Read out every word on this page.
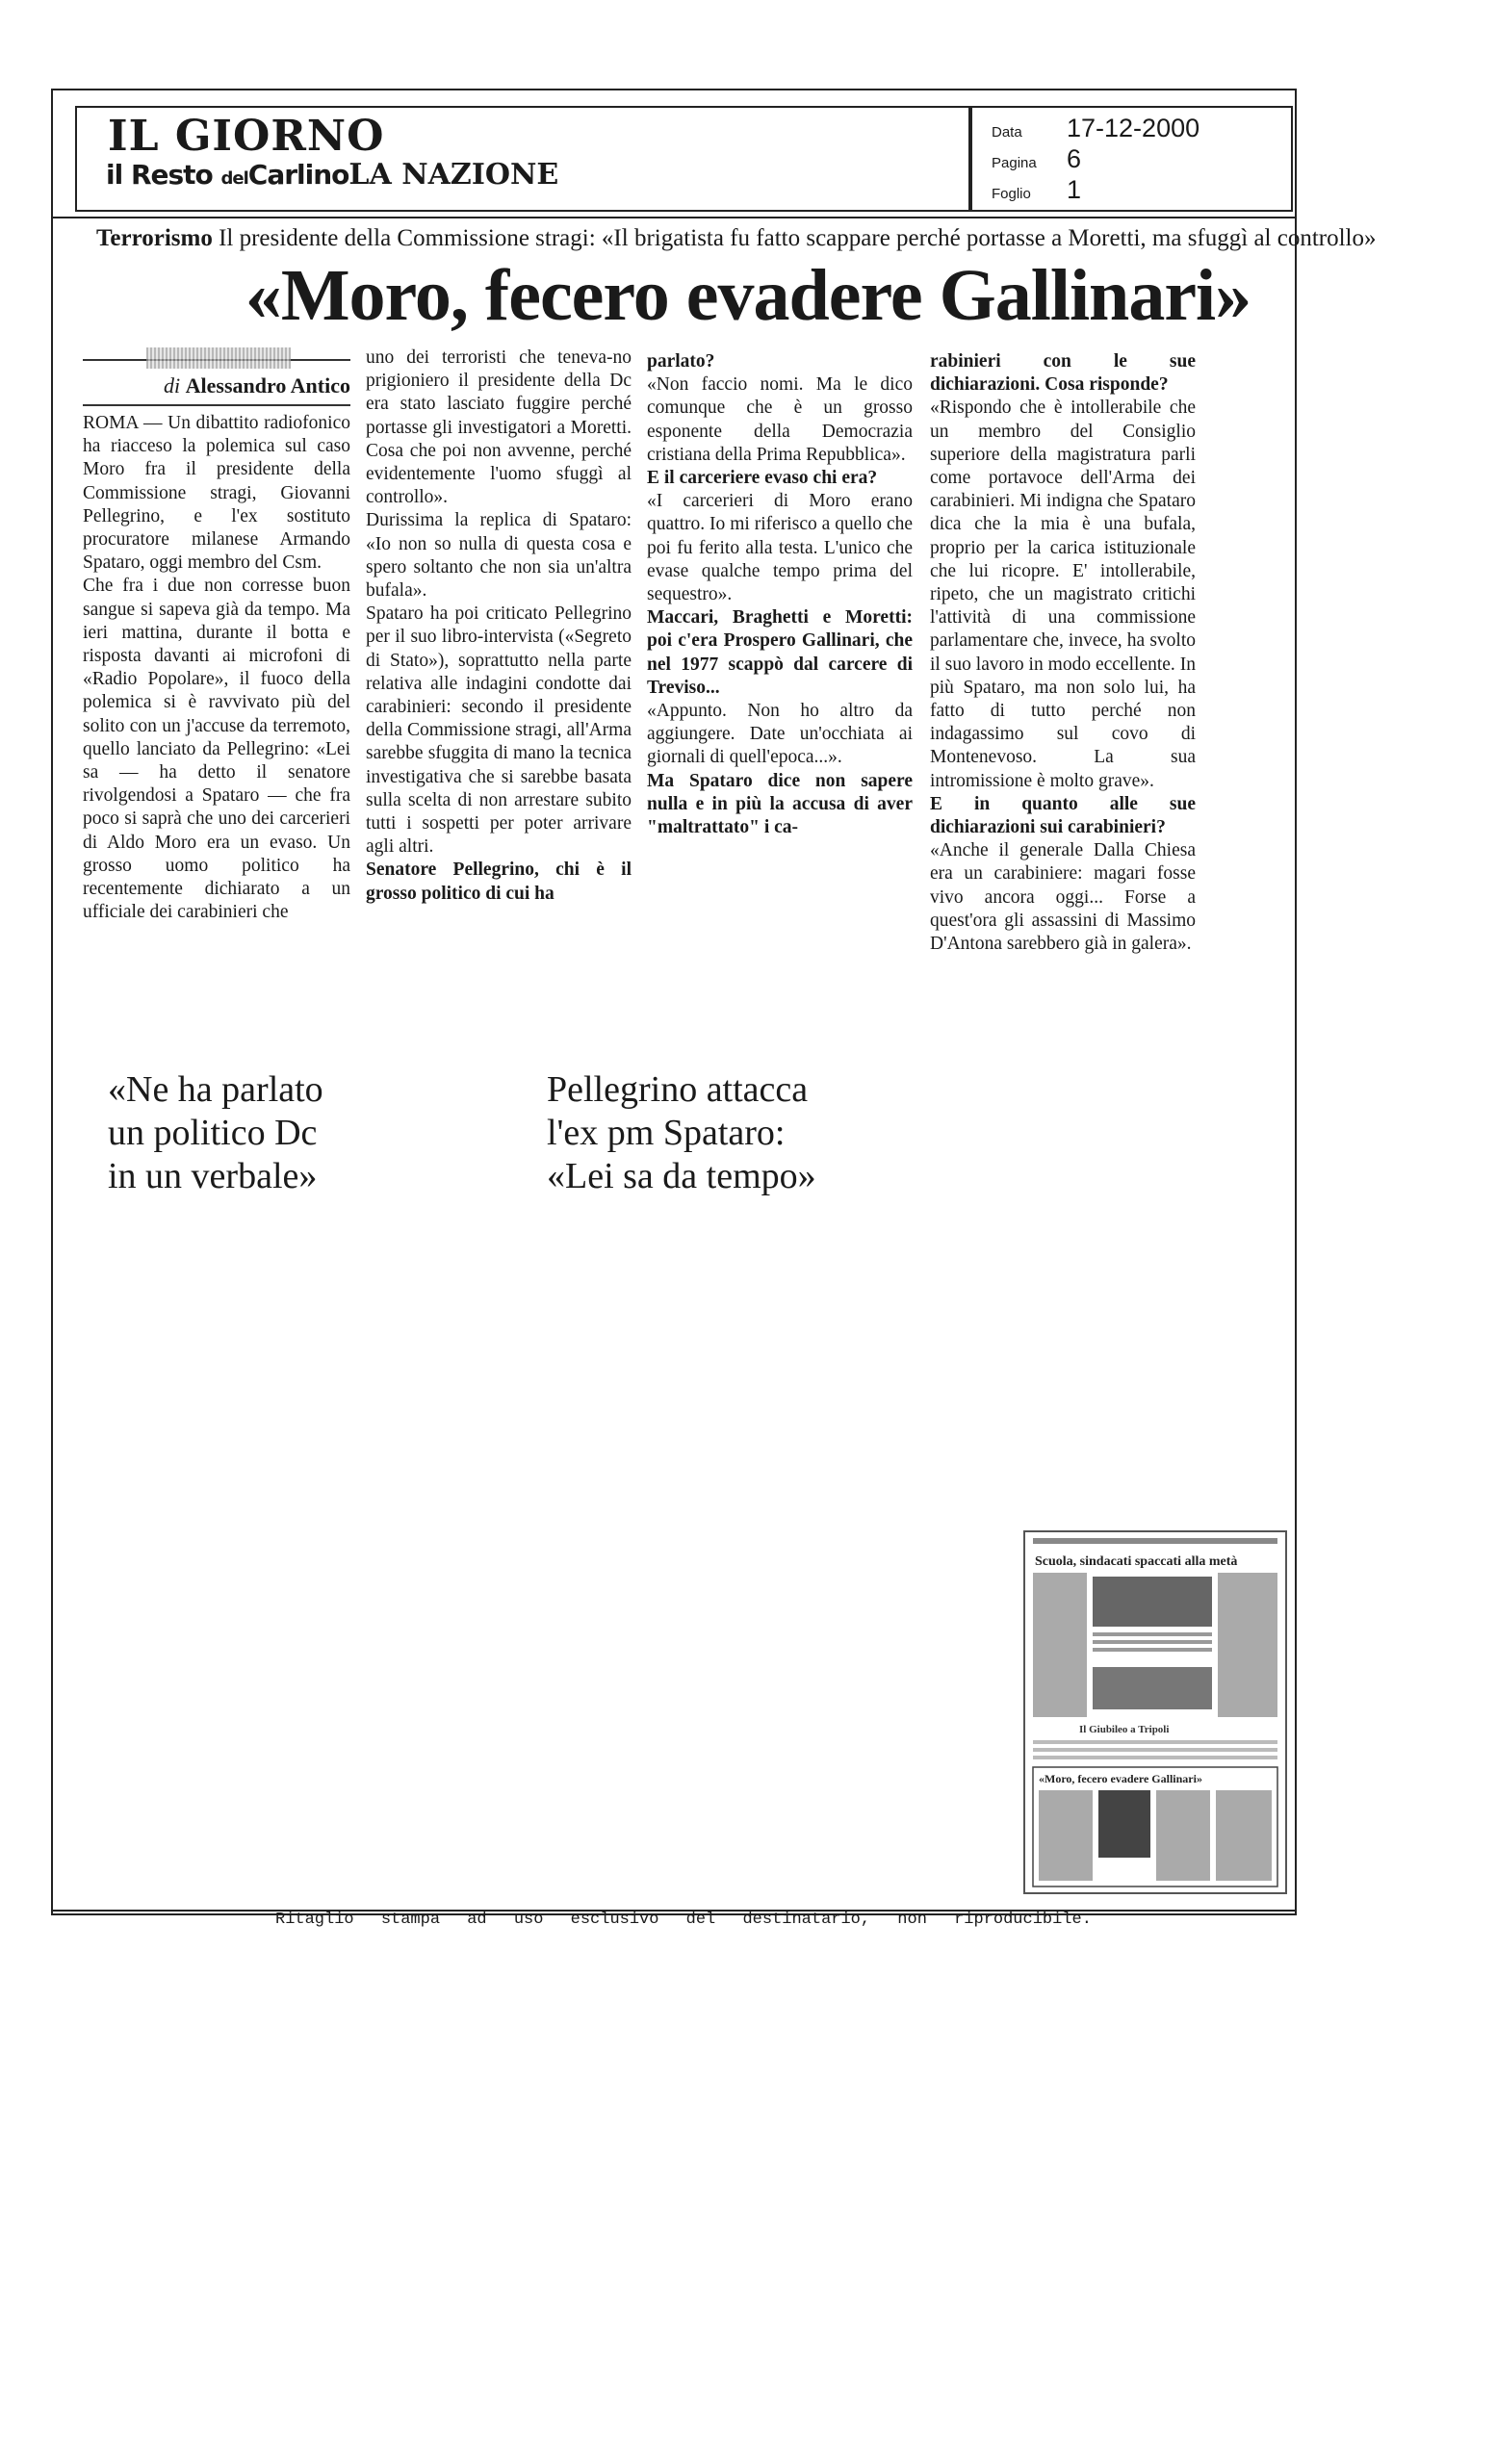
IL GIORNO
il Resto delCarlinoLA NAZIONE
Data 17-12-2000
Pagina 6
Foglio 1
Terrorismo Il presidente della Commissione stragi: «Il brigatista fu fatto scappare perché portasse a Moretti, ma sfuggì al controllo»
«Moro, fecero evadere Gallinari»
di Alessandro Antico

ROMA — Un dibattito radiofonico ha riacceso la polemica sul caso Moro fra il presidente della Commissione stragi, Giovanni Pellegrino, e l'ex sostituto procuratore milanese Armando Spataro, oggi membro del Csm.

Che fra i due non corresse buon sangue si sapeva già da tempo. Ma ieri mattina, durante il botta e risposta davanti ai microfoni di «Radio Popolare», il fuoco della polemica si è ravvivato più del solito con un j'accuse da terremoto, quello lanciato da Pellegrino: «Lei sa — ha detto il senatore rivolgendosi a Spataro — che fra poco si saprà che uno dei carcerieri di Aldo Moro era un evaso. Un grosso uomo politico ha recentemente dichiarato a un ufficiale dei carabinieri che

uno dei terroristi che teneva-no prigioniero il presidente della Dc era stato lasciato fuggire perché portasse gli investigatori a Moretti. Cosa che poi non avvenne, perché evidentemente l'uomo sfuggì al controllo».

Durissima la replica di Spataro: «Io non so nulla di questa cosa e spero soltanto che non sia un'altra bufala».

Spataro ha poi criticato Pellegrino per il suo libro-intervista («Segreto di Stato»), soprattutto nella parte relativa alle indagini condotte dai carabinieri: secondo il presidente della Commissione stragi, all'Arma sarebbe sfuggita di mano la tecnica investigativa che si sarebbe basata sulla scelta di non arrestare subito tutti i sospetti per poter arrivare agli altri.

Senatore Pellegrino, chi è il grosso politico di cui ha

parlato?

«Non faccio nomi. Ma le dico comunque che è un grosso esponente della Democrazia cristiana della Prima Repubblica».

E il carceriere evaso chi era?

«I carcerieri di Moro erano quattro. Io mi riferisco a quello che poi fu ferito alla testa. L'unico che evase qualche tempo prima del sequestro».

Maccari, Braghetti e Moretti: poi c'era Prospero Gallinari, che nel 1977 scappò dal carcere di Treviso...

«Appunto. Non ho altro da aggiungere. Date un'occhiata ai giornali di quell'epoca...».

Ma Spataro dice non sapere nulla e in più la accusa di aver "maltrattato" i ca-

rabinieri con le sue dichiarazioni. Cosa risponde?

«Rispondo che è intollerabile che un membro del Consiglio superiore della magistratura parli come portavoce dell'Arma dei carabinieri. Mi indigna che Spataro dica che la mia è una bufala, proprio per la carica istituzionale che lui ricopre. E' intollerabile, ripeto, che un magistrato critichi l'attività di una commissione parlamentare che, invece, ha svolto il suo lavoro in modo eccellente. In più Spataro, ma non solo lui, ha fatto di tutto perché non indagassimo sul covo di Montenevoso. La sua intromissione è molto grave».

E in quanto alle sue dichiarazioni sui carabinieri?

«Anche il generale Dalla Chiesa era un carabiniere: magari fosse vivo ancora oggi... Forse a quest'ora gli assassini di Massimo D'Antona sarebbero già in galera».

«Ne ha parlato
un politico Dc
in un verbale»
Pellegrino attacca
l'ex pm Spataro:
«Lei sa da tempo»
Scuola, sindacati spaccati alla metà
Il Giubileo a Tripoli
«Moro, fecero evadere Gallinari»
Ritaglio stampa ad uso esclusivo del destinatario, non riproducibile.
